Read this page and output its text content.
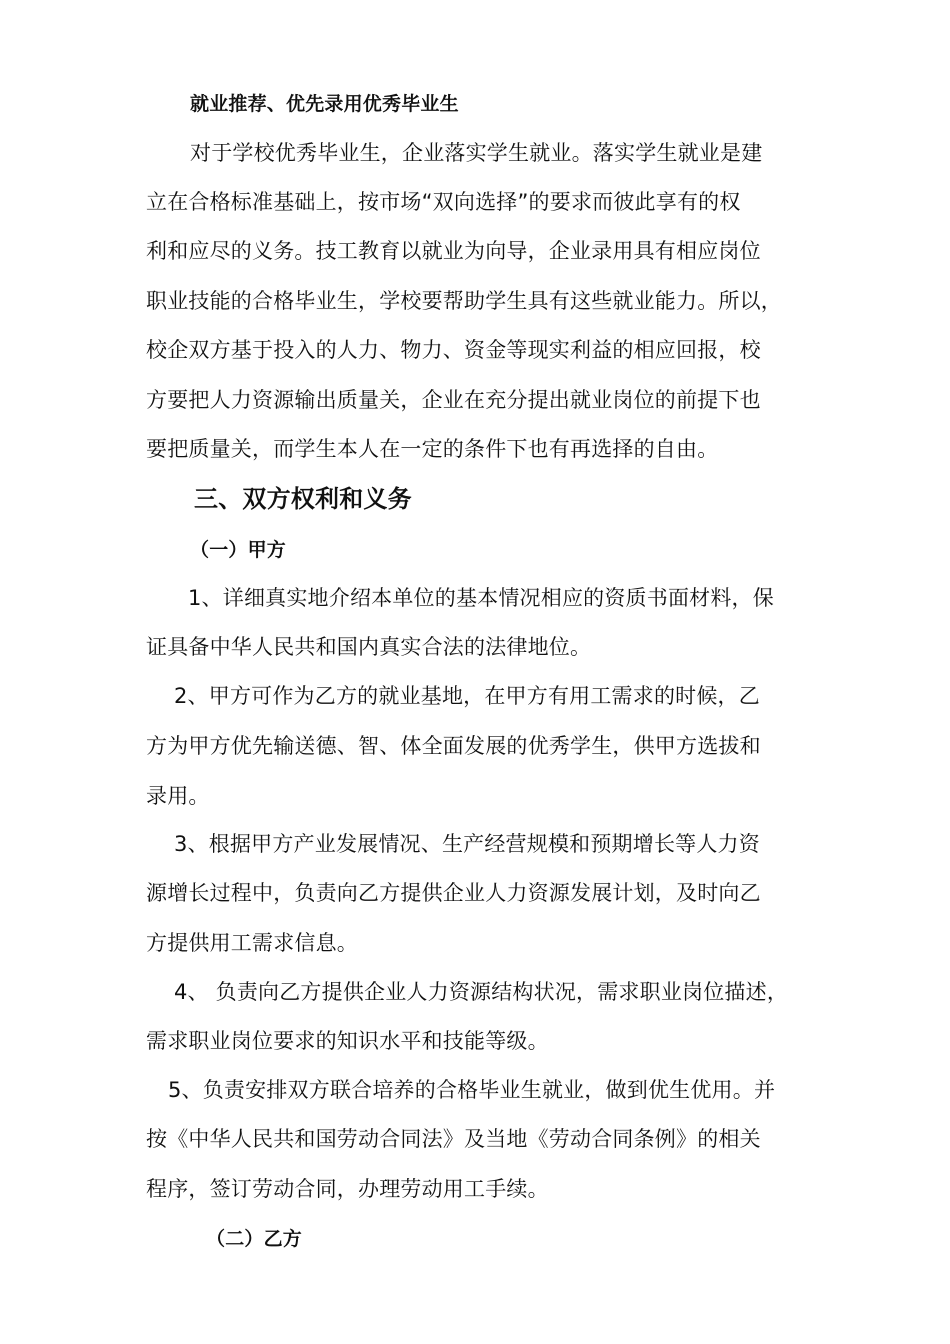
就业推荐、优先录用优秀毕业生
对于学校优秀毕业生，企业落实学生就业。落实学生就业是建
立在合格标准基础上，按市场“双向选择”的要求而彼此享有的权
利和应尽的义务。技工教育以就业为向导，企业录用具有相应岗位
职业技能的合格毕业生，学校要帮助学生具有这些就业能力。所以，
校企双方基于投入的人力、物力、资金等现实利益的相应回报，校
方要把人力资源输出质量关，企业在充分提出就业岗位的前提下也
要把质量关，而学生本人在一定的条件下也有再选择的自由。
三、双方权利和义务
（一）甲方
1、详细真实地介绍本单位的基本情况相应的资质书面材料，保
证具备中华人民共和国内真实合法的法律地位。
2、甲方可作为乙方的就业基地，在甲方有用工需求的时候，乙
方为甲方优先输送德、智、体全面发展的优秀学生，供甲方选拔和
录用。
3、根据甲方产业发展情况、生产经营规模和预期增长等人力资
源增长过程中，负责向乙方提供企业人力资源发展计划，及时向乙
方提供用工需求信息。
4、 负责向乙方提供企业人力资源结构状况，需求职业岗位描述，
需求职业岗位要求的知识水平和技能等级。
5、负责安排双方联合培养的合格毕业生就业，做到优生优用。并
按《中华人民共和国劳动合同法》及当地《劳动合同条例》的相关
程序，签订劳动合同，办理劳动用工手续。
（二）乙方
